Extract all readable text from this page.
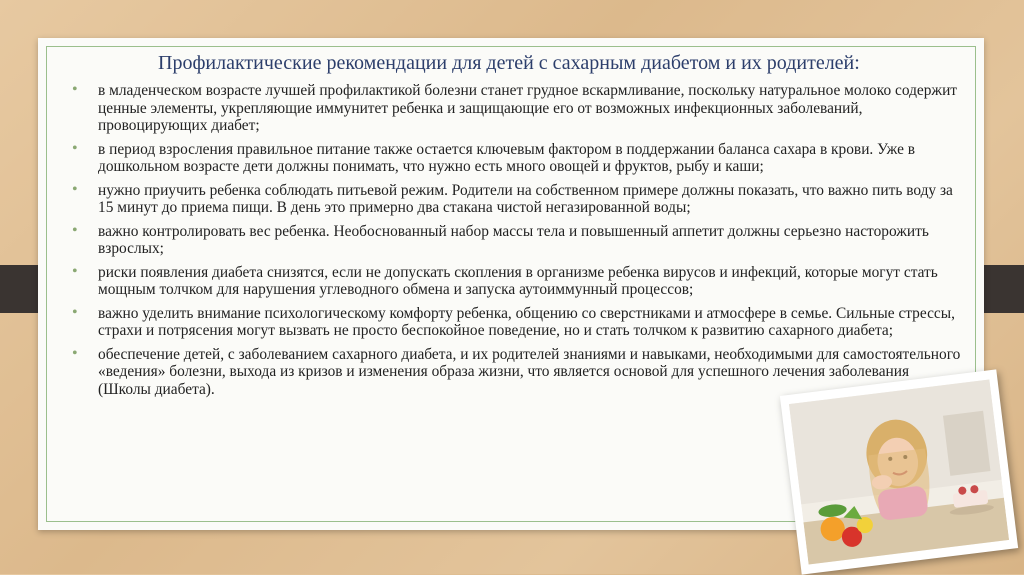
Профилактические рекомендации для детей с сахарным диабетом и их родителей:
• в младенческом возрасте лучшей профилактикой болезни станет грудное вскармливание, поскольку натуральное молоко содержит ценные элементы, укрепляющие иммунитет ребенка и защищающие его от возможных инфекционных заболеваний, провоцирующих диабет;
• в период взросления правильное питание также остается ключевым фактором в поддержании баланса сахара в крови. Уже в дошкольном возрасте дети должны понимать, что нужно есть много овощей и фруктов, рыбу и каши;
• нужно приучить ребенка соблюдать питьевой режим. Родители на собственном примере должны показать, что важно пить воду за 15 минут до приема пищи. В день это примерно два стакана чистой негазированной воды;
• важно контролировать вес ребенка. Необоснованный набор массы тела и повышенный аппетит должны серьезно насторожить взрослых;
• риски появления диабета снизятся, если не допускать скопления в организме ребенка вирусов и инфекций, которые могут стать мощным толчком для нарушения углеводного обмена и запуска аутоиммунный процессов;
• важно уделить внимание психологическому комфорту ребенка, общению со сверстниками и атмосфере в семье. Сильные стрессы, страхи и потрясения могут вызвать не просто беспокойное поведение, но и стать толчком к развитию сахарного диабета;
• обеспечение детей, с заболеванием сахарного диабета, и их родителей знаниями и навыками, необходимыми для самостоятельного «ведения» болезни, выхода из кризов и изменения образа жизни, что является основой для успешного лечения заболевания (Школы диабета).
